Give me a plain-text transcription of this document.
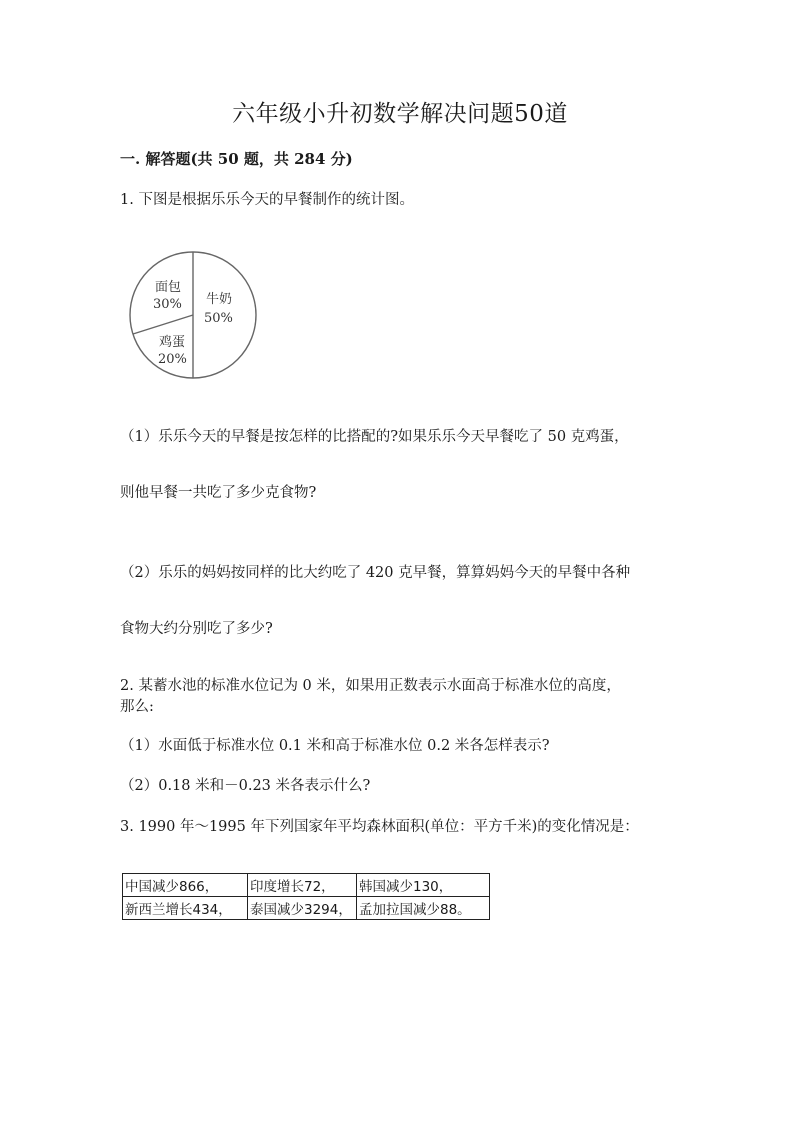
六年级小升初数学解决问题50道
一. 解答题(共 50 题，共 284 分)
1. 下图是根据乐乐今天的早餐制作的统计图。
牛奶
50%
面包
30%
鸡蛋
20%
（1）乐乐今天的早餐是按怎样的比搭配的?如果乐乐今天早餐吃了 50 克鸡蛋，
则他早餐一共吃了多少克食物?
（2）乐乐的妈妈按同样的比大约吃了 420 克早餐，算算妈妈今天的早餐中各种
食物大约分别吃了多少?
2. 某蓄水池的标准水位记为 0 米，如果用正数表示水面高于标准水位的高度，
那么:
（1）水面低于标准水位 0.1 米和高于标准水位 0.2 米各怎样表示?
（2）0.18 米和－0.23 米各表示什么?
3. 1990 年～1995 年下列国家年平均森林面积(单位：平方千米)的变化情况是：
中国减少866，	印度增长72，	韩国减少130，
新西兰增长434，	泰国减少3294，	孟加拉国减少88。
